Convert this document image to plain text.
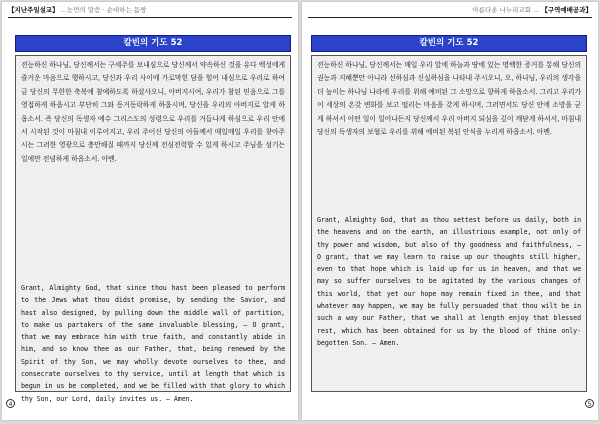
【지난주일설교】 ...눈먼의 말씀 · 순대하는 몸짱
칼빈의 기도 52
전능하신 하나님, 당신께서는 구세주를 보내심으로 당신께서 약속하신 것을 유다 백성에게 즐거운 마음으로 행하시고, 당신과 우리 사이에 가로막힌 담을 헐어 내심으로 우리로 하여금 당신의 무한한 축복에 참예하도록 하셨사오니, 아버지시여, 우리가 참된 믿음으로 그를 영접하게 하옵시고 부단히 그와 동거동락하게 하옵시며, 당신을 우리의 아버지로 알게 하옵소서. 즉 당신의 독생자 예수 그리스도의 성령으로 우리를 거듭나게 하심으로 우리 안에서 시작된 것이 마침내 이루어지고, 우리 주어신 당신의 아들께서 매일매일 우리를 찾아주시는 그러한 영광으로 충만해질 때까지 당신께 전심전력할 수 있게 하시고 주님을 섬기는 일에만 전념하게 하옵소서. 아멘.
Grant, Almighty God, that since thou hast been pleased to perform to the Jews what thou didst promise, by sending the Savior, and hast also designed, by pulling down the middle wall of partition, to make us partakers of the same invaluable blessing, — O grant, that we may embrace him with true faith, and constantly abide in him, and so know thee as our Father, that, being renewed by the Spirit of thy Son, we may wholly devote ourselves to thee, and consecrate ourselves to thy service, until at length that which is begun in us be completed, and we be filled with that glory to which thy Son, our Lord, daily invites us. — Amen.
4
아름다운 나누리교회 ... 【구역예배공과】
칼빈의 기도 52
전능하신 하나님, 당신께서는 매일 우리 앞에 하늘과 땅에 있는 명백한 증거를 통해 당신의 권능과 지혜뿐만 아니라 선하심과 신실하심을 나타내 주시오니, 오, 하나님, 우리의 생각을 더 높이는 하나님 나라에 우리를 위해 예비된 그 소망으로 향하게 하옵소서. 그리고 우리가 이 세상의 온갖 변화를 보고 떨리는 마음을 갖게 하시며, 그러면서도 당신 안에 소망을 굳게 하셔서 어떤 일이 일어나든지 당신께서 우리 아버지 되심을 깊이 깨닫게 하셔서, 마침내 당신의 독생자의 보혈로 우리를 위해 예비된 복된 안식을 누리게 하옵소서. 아멘.
Grant, Almighty God, that as thou settest before us daily, both in the heavens and on the earth, an illustrious example, not only of thy power and wisdom, but also of thy goodness and faithfulness, — O grant, that we may learn to raise up our thoughts still higher, even to that hope which is laid up for us in heaven, and that we may so suffer ourselves to be agitated by the various changes of this world, that yet our hope may remain fixed in thee, and that whatever may happen, we may be fully persuaded that thou wilt be in such a way our Father, that we shall at length enjoy that blessed rest, which has been obtained for us by the blood of thine only-begotten Son. — Amen.
5
